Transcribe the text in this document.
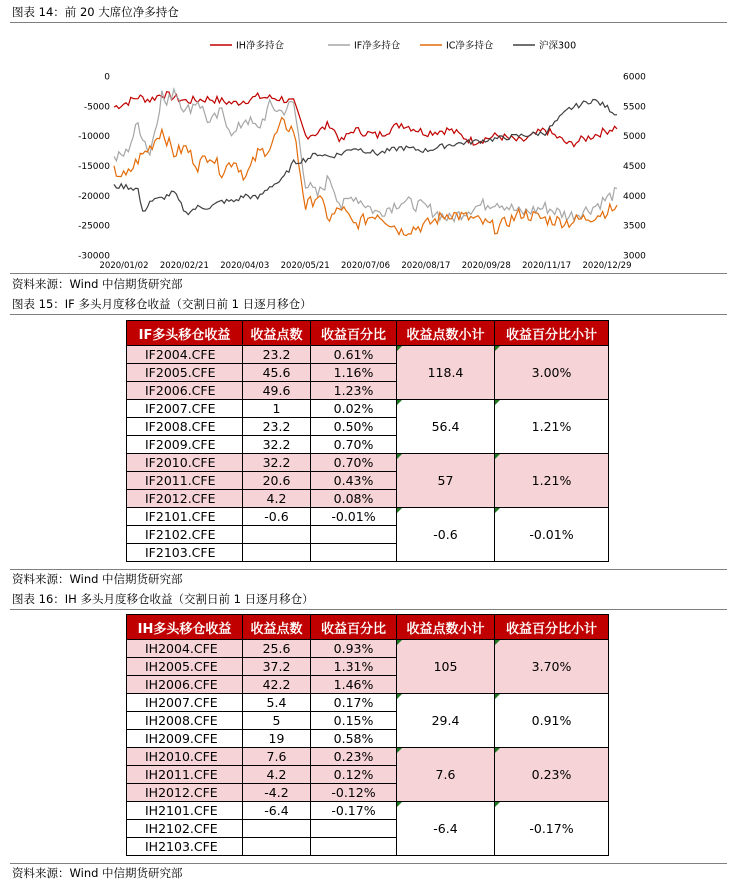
图表 14：前 20 大席位净多持仓
IH净多持仓	IF净多持仓	IC净多持仓	沪深300
0
-5000
-10000
-15000
-20000
-25000
-30000
6000
5500
5000
4500
4000
3500
3000
2020/01/02 2020/02/21 2020/04/03 2020/05/21 2020/07/06 2020/08/17 2020/09/28 2020/11/17 2020/12/29
资料来源：Wind 中信期货研究部
图表 15：IF 多头月度移仓收益（交割日前 1 日逐月移仓）
IF多头移仓收益	收益点数	收益百分比	收益点数小计	收益百分比小计
IF2004.CFE	23.2	0.61%	118.4	3.00%
IF2005.CFE	45.6	1.16%		
IF2006.CFE	49.6	1.23%		
IF2007.CFE	1	0.02%	56.4	1.21%
IF2008.CFE	23.2	0.50%		
IF2009.CFE	32.2	0.70%		
IF2010.CFE	32.2	0.70%	57	1.21%
IF2011.CFE	20.6	0.43%		
IF2012.CFE	4.2	0.08%		
IF2101.CFE	-0.6	-0.01%	-0.6	-0.01%
IF2102.CFE				
IF2103.CFE				
资料来源：Wind 中信期货研究部
图表 16：IH 多头月度移仓收益（交割日前 1 日逐月移仓）
IH多头移仓收益	收益点数	收益百分比	收益点数小计	收益百分比小计
IH2004.CFE	25.6	0.93%	105	3.70%
IH2005.CFE	37.2	1.31%		
IH2006.CFE	42.2	1.46%		
IH2007.CFE	5.4	0.17%	29.4	0.91%
IH2008.CFE	5	0.15%		
IH2009.CFE	19	0.58%		
IH2010.CFE	7.6	0.23%	7.6	0.23%
IH2011.CFE	4.2	0.12%		
IH2012.CFE	-4.2	-0.12%		
IH2101.CFE	-6.4	-0.17%	-6.4	-0.17%
IH2102.CFE				
IH2103.CFE				
资料来源：Wind 中信期货研究部
